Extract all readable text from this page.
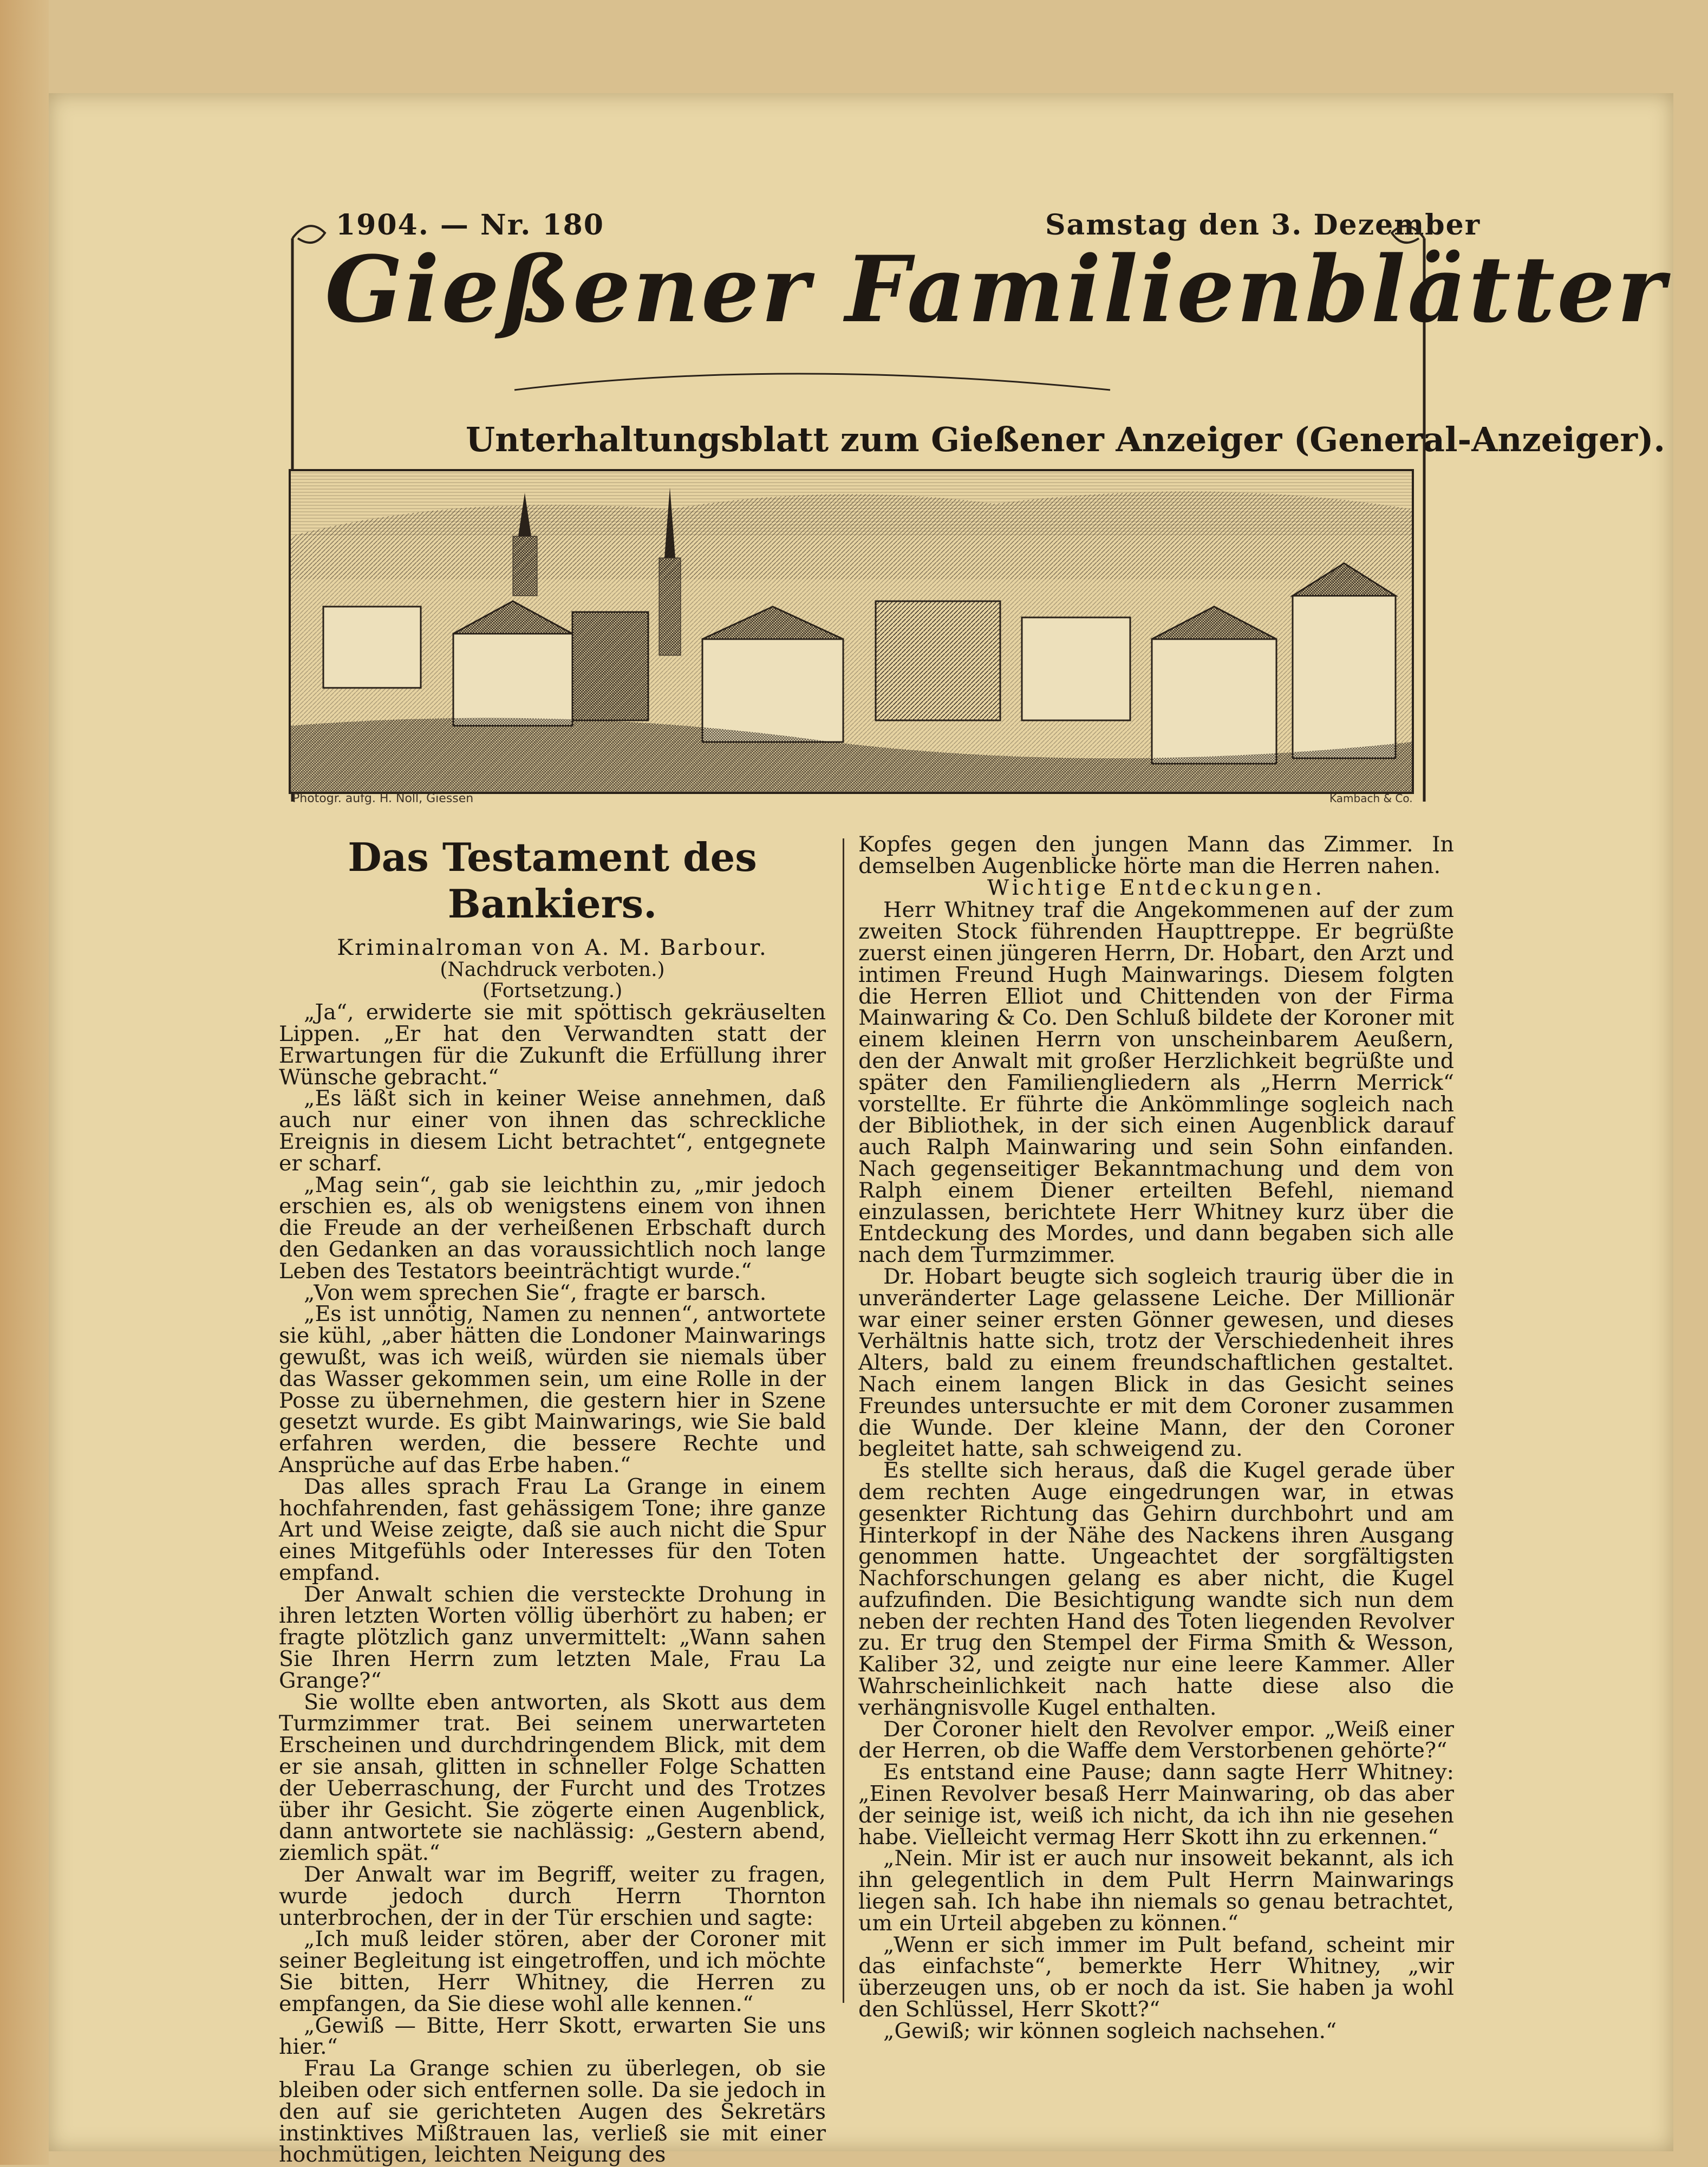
1904. — Nr. 180	Samstag den 3. Dezember
Gießener Familienblätter
Unterhaltungsblatt zum Gießener Anzeiger (General-Anzeiger).
Photogr. aufg. H. Noll, Giessen	Kambach & Co.
Das Testament des Bankiers.
Kriminalroman von A. M. Barbour.
(Nachdruck verboten.)
(Fortsetzung.)

„Ja“, erwiderte sie mit spöttisch gekräuselten Lippen. „Er hat den Verwandten statt der Erwartungen für die Zukunft die Erfüllung ihrer Wünsche gebracht.“

„Es läßt sich in keiner Weise annehmen, daß auch nur einer von ihnen das schreckliche Ereignis in diesem Licht betrachtet“, entgegnete er scharf.

„Mag sein“, gab sie leichthin zu, „mir jedoch erschien es, als ob wenigstens einem von ihnen die Freude an der verheißenen Erbschaft durch den Gedanken an das voraussichtlich noch lange Leben des Testators beeinträchtigt wurde.“

„Von wem sprechen Sie“, fragte er barsch.

„Es ist unnötig, Namen zu nennen“, antwortete sie kühl, „aber hätten die Londoner Mainwarings gewußt, was ich weiß, würden sie niemals über das Wasser gekommen sein, um eine Rolle in der Posse zu übernehmen, die gestern hier in Szene gesetzt wurde. Es gibt Mainwarings, wie Sie bald erfahren werden, die bessere Rechte und Ansprüche auf das Erbe haben.“

Das alles sprach Frau La Grange in einem hochfahrenden, fast gehässigem Tone; ihre ganze Art und Weise zeigte, daß sie auch nicht die Spur eines Mitgefühls oder Interesses für den Toten empfand.

Der Anwalt schien die versteckte Drohung in ihren letzten Worten völlig überhört zu haben; er fragte plötzlich ganz unvermittelt: „Wann sahen Sie Ihren Herrn zum letzten Male, Frau La Grange?“

Sie wollte eben antworten, als Skott aus dem Turmzimmer trat. Bei seinem unerwarteten Erscheinen und durchdringendem Blick, mit dem er sie ansah, glitten in schneller Folge Schatten der Ueberraschung, der Furcht und des Trotzes über ihr Gesicht. Sie zögerte einen Augenblick, dann antwortete sie nachlässig: „Gestern abend, ziemlich spät.“

Der Anwalt war im Begriff, weiter zu fragen, wurde jedoch durch Herrn Thornton unterbrochen, der in der Tür erschien und sagte:

„Ich muß leider stören, aber der Coroner mit seiner Begleitung ist eingetroffen, und ich möchte Sie bitten, Herr Whitney, die Herren zu empfangen, da Sie diese wohl alle kennen.“

„Gewiß — Bitte, Herr Skott, erwarten Sie uns hier.“

Frau La Grange schien zu überlegen, ob sie bleiben oder sich entfernen solle. Da sie jedoch in den auf sie gerichteten Augen des Sekretärs instinktives Mißtrauen las, verließ sie mit einer hochmütigen, leichten Neigung des

Kopfes gegen den jungen Mann das Zimmer. In demselben Augenblicke hörte man die Herren nahen.

Wichtige Entdeckungen.

Herr Whitney traf die Angekommenen auf der zum zweiten Stock führenden Haupttreppe. Er begrüßte zuerst einen jüngeren Herrn, Dr. Hobart, den Arzt und intimen Freund Hugh Mainwarings. Diesem folgten die Herren Elliot und Chittenden von der Firma Mainwaring & Co. Den Schluß bildete der Koroner mit einem kleinen Herrn von unscheinbarem Aeußern, den der Anwalt mit großer Herzlichkeit begrüßte und später den Familiengliedern als „Herrn Merrick“ vorstellte. Er führte die Ankömmlinge sogleich nach der Bibliothek, in der sich einen Augenblick darauf auch Ralph Mainwaring und sein Sohn einfanden. Nach gegenseitiger Bekanntmachung und dem von Ralph einem Diener erteilten Befehl, niemand einzulassen, berichtete Herr Whitney kurz über die Entdeckung des Mordes, und dann begaben sich alle nach dem Turmzimmer.

Dr. Hobart beugte sich sogleich traurig über die in unveränderter Lage gelassene Leiche. Der Millionär war einer seiner ersten Gönner gewesen, und dieses Verhältnis hatte sich, trotz der Verschiedenheit ihres Alters, bald zu einem freundschaftlichen gestaltet. Nach einem langen Blick in das Gesicht seines Freundes untersuchte er mit dem Coroner zusammen die Wunde. Der kleine Mann, der den Coroner begleitet hatte, sah schweigend zu.

Es stellte sich heraus, daß die Kugel gerade über dem rechten Auge eingedrungen war, in etwas gesenkter Richtung das Gehirn durchbohrt und am Hinterkopf in der Nähe des Nackens ihren Ausgang genommen hatte. Ungeachtet der sorgfältigsten Nachforschungen gelang es aber nicht, die Kugel aufzufinden. Die Besichtigung wandte sich nun dem neben der rechten Hand des Toten liegenden Revolver zu. Er trug den Stempel der Firma Smith & Wesson, Kaliber 32, und zeigte nur eine leere Kammer. Aller Wahrscheinlichkeit nach hatte diese also die verhängnisvolle Kugel enthalten.

Der Coroner hielt den Revolver empor. „Weiß einer der Herren, ob die Waffe dem Verstorbenen gehörte?“

Es entstand eine Pause; dann sagte Herr Whitney: „Einen Revolver besaß Herr Mainwaring, ob das aber der seinige ist, weiß ich nicht, da ich ihn nie gesehen habe. Vielleicht vermag Herr Skott ihn zu erkennen.“

„Nein. Mir ist er auch nur insoweit bekannt, als ich ihn gelegentlich in dem Pult Herrn Mainwarings liegen sah. Ich habe ihn niemals so genau betrachtet, um ein Urteil abgeben zu können.“

„Wenn er sich immer im Pult befand, scheint mir das einfachste“, bemerkte Herr Whitney, „wir überzeugen uns, ob er noch da ist. Sie haben ja wohl den Schlüssel, Herr Skott?“

„Gewiß; wir können sogleich nachsehen.“
